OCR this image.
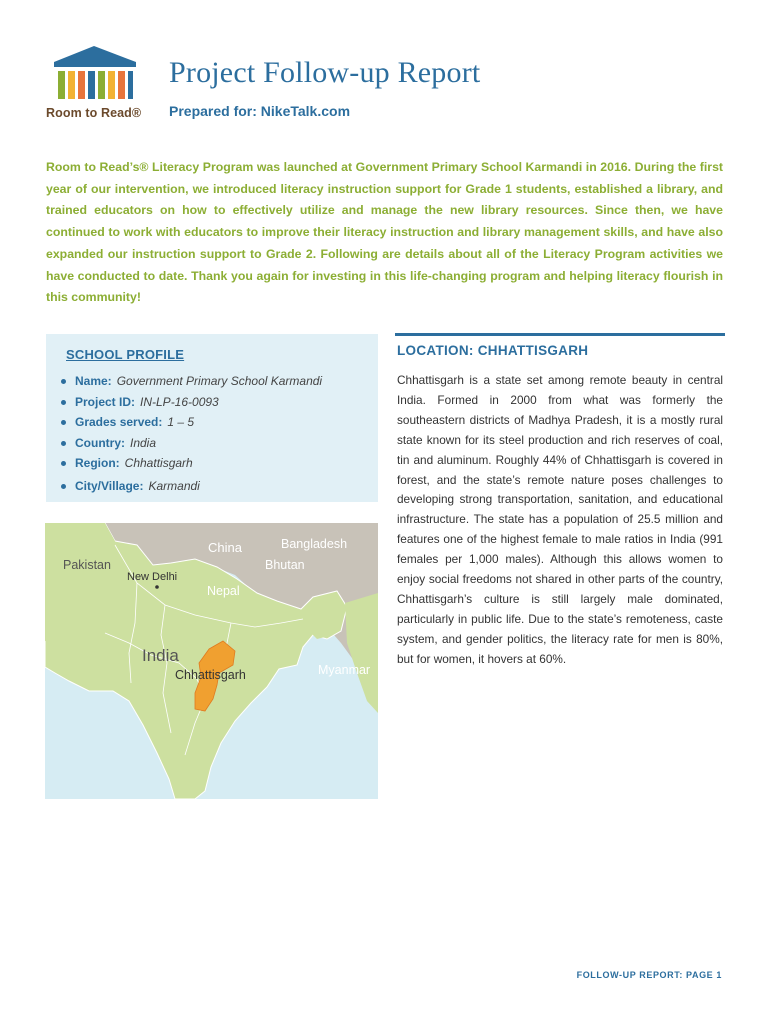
Room to Read®
Project Follow-up Report
Prepared for: NikeTalk.com
Room to Read’s® Literacy Program was launched at Government Primary School Karmandi in 2016. During the first year of our intervention, we introduced literacy instruction support for Grade 1 students, established a library, and trained educators on how to effectively utilize and manage the new library resources. Since then, we have continued to work with educators to improve their literacy instruction and library management skills, and have also expanded our instruction support to Grade 2. Following are details about all of the Literacy Program activities we have conducted to date. Thank you again for investing in this life-changing program and helping literacy flourish in this community!
SCHOOL PROFILE
Name: Government Primary School Karmandi
Project ID: IN-LP-16-0093
Grades served: 1 – 5
Country: India
Region: Chhattisgarh
City/Village: Karmandi
Pakistan
China	Bangladesh
Bhutan
New Delhi
Nepal
India
Chhattisgarh	Myanmar
LOCATION: CHHATTISGARH
Chhattisgarh is a state set among remote beauty in central India. Formed in 2000 from what was formerly the southeastern districts of Madhya Pradesh, it is a mostly rural state known for its steel production and rich reserves of coal, tin and aluminum. Roughly 44% of Chhattisgarh is covered in forest, and the state’s remote nature poses challenges to developing strong transportation, sanitation, and educational infrastructure. The state has a population of 25.5 million and features one of the highest female to male ratios in India (991 females per 1,000 males). Although this allows women to enjoy social freedoms not shared in other parts of the country, Chhattisgarh’s culture is still largely male dominated, particularly in public life. Due to the state’s remoteness, caste system, and gender politics, the literacy rate for men is 80%, but for women, it hovers at 60%.
FOLLOW-UP REPORT: PAGE 1
